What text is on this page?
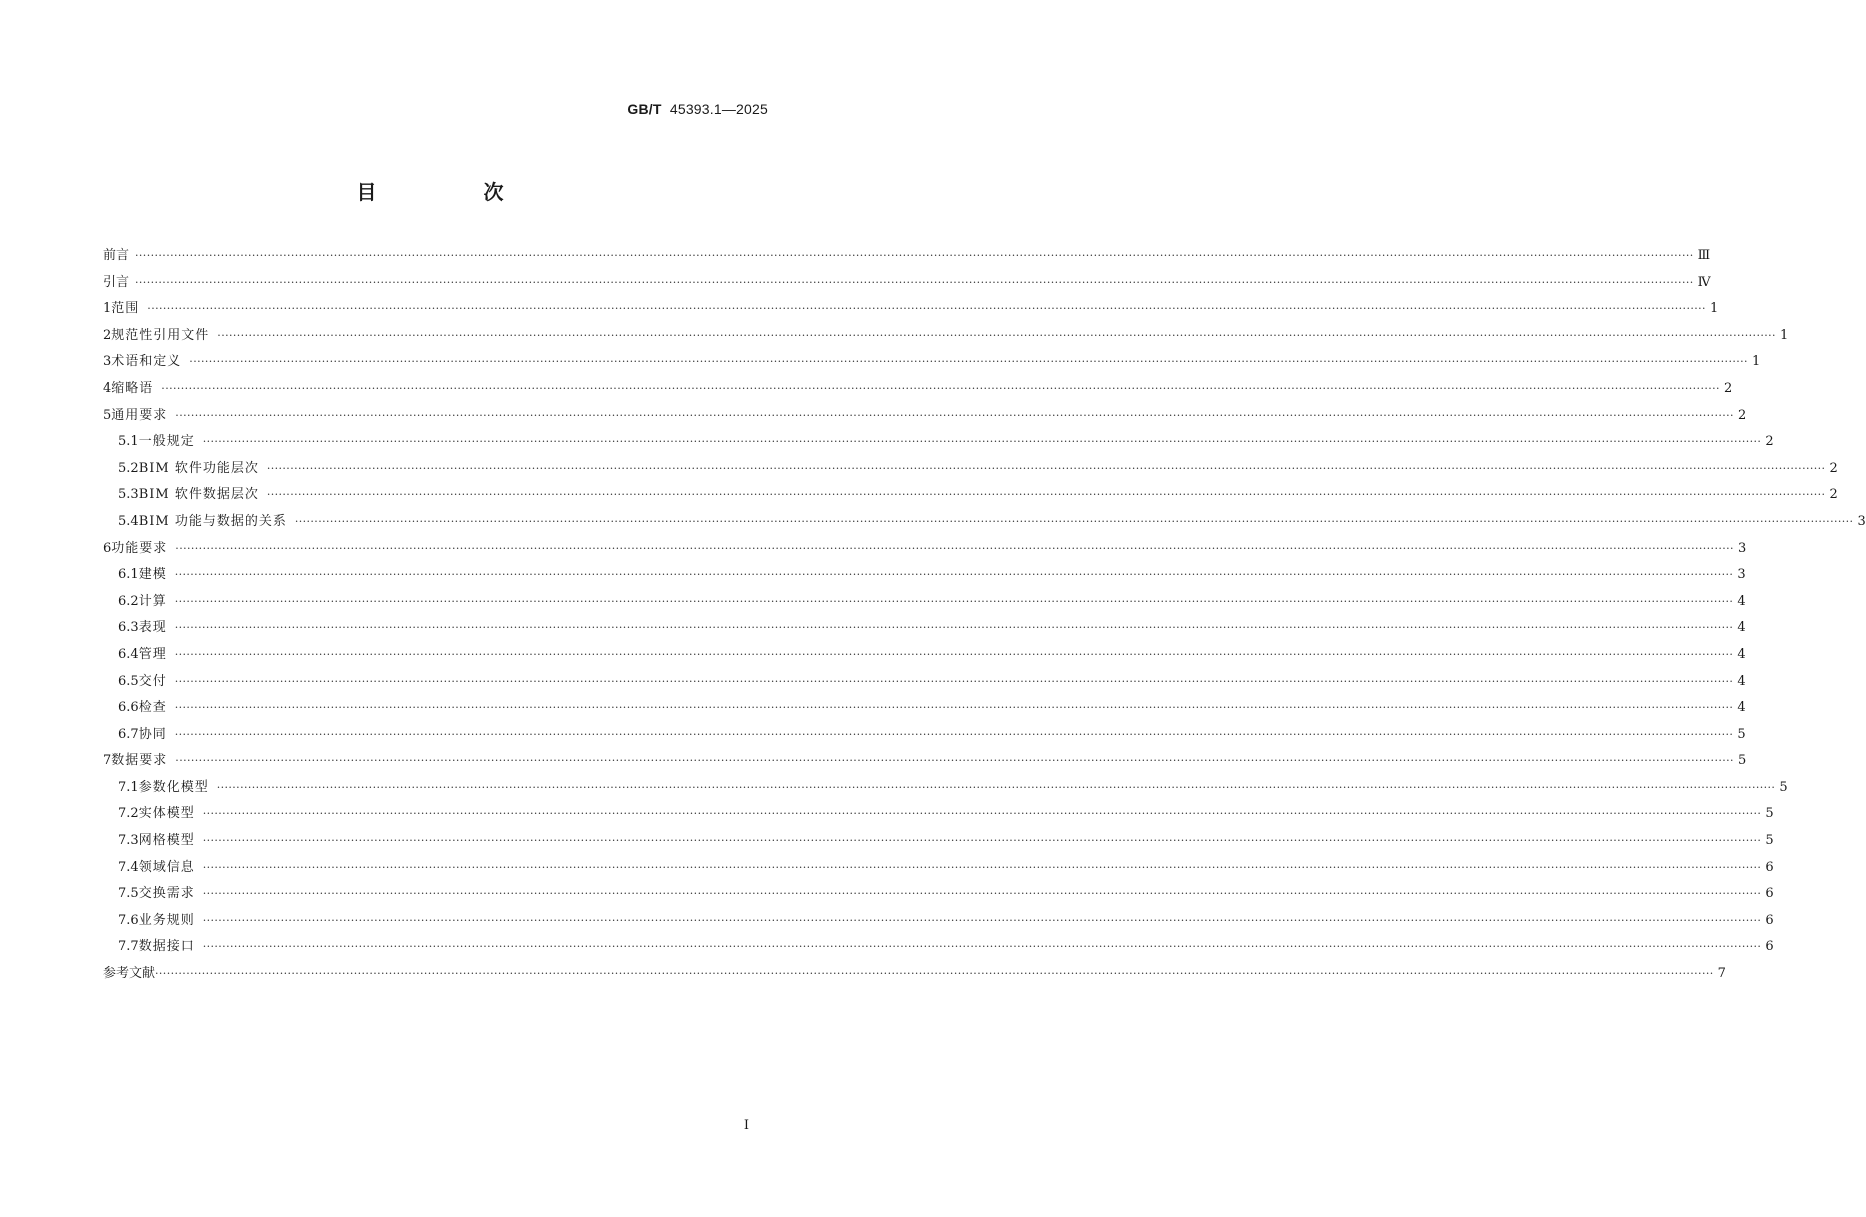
GB/T 45393.1—2025
目 次
前言 ················································································································································································································································································································································································································ Ⅲ
引言 ················································································································································································································································································································································································································ Ⅳ
1 范围 ················································································································································································································································································································································································································ 1
2 规范性引用文件 ················································································································································································································································································································································································································ 1
3 术语和定义 ················································································································································································································································································································································································································ 1
4 缩略语 ················································································································································································································································································································································································································ 2
5 通用要求 ················································································································································································································································································································································································································ 2
5.1 一般规定 ················································································································································································································································································································································································································ 2
5.2 BIM 软件功能层次 ················································································································································································································································································································································································································ 2
5.3 BIM 软件数据层次 ················································································································································································································································································································································································································ 2
5.4 BIM 功能与数据的关系 ················································································································································································································································································································································································································ 3
6 功能要求 ················································································································································································································································································································································································································ 3
6.1 建模 ················································································································································································································································································································································································································ 3
6.2 计算 ················································································································································································································································································································································································································ 4
6.3 表现 ················································································································································································································································································································································································································ 4
6.4 管理 ················································································································································································································································································································································································································ 4
6.5 交付 ················································································································································································································································································································································································································ 4
6.6 检查 ················································································································································································································································································································································································································ 4
6.7 协同 ················································································································································································································································································································································································································ 5
7 数据要求 ················································································································································································································································································································································································································ 5
7.1 参数化模型 ················································································································································································································································································································································································································ 5
7.2 实体模型 ················································································································································································································································································································································································································ 5
7.3 网格模型 ················································································································································································································································································································································································································ 5
7.4 领域信息 ················································································································································································································································································································································································································ 6
7.5 交换需求 ················································································································································································································································································································································································································ 6
7.6 业务规则 ················································································································································································································································································································································································································ 6
7.7 数据接口 ················································································································································································································································································································································································································ 6
参考文献 ················································································································································································································································································································································································································ 7
I
